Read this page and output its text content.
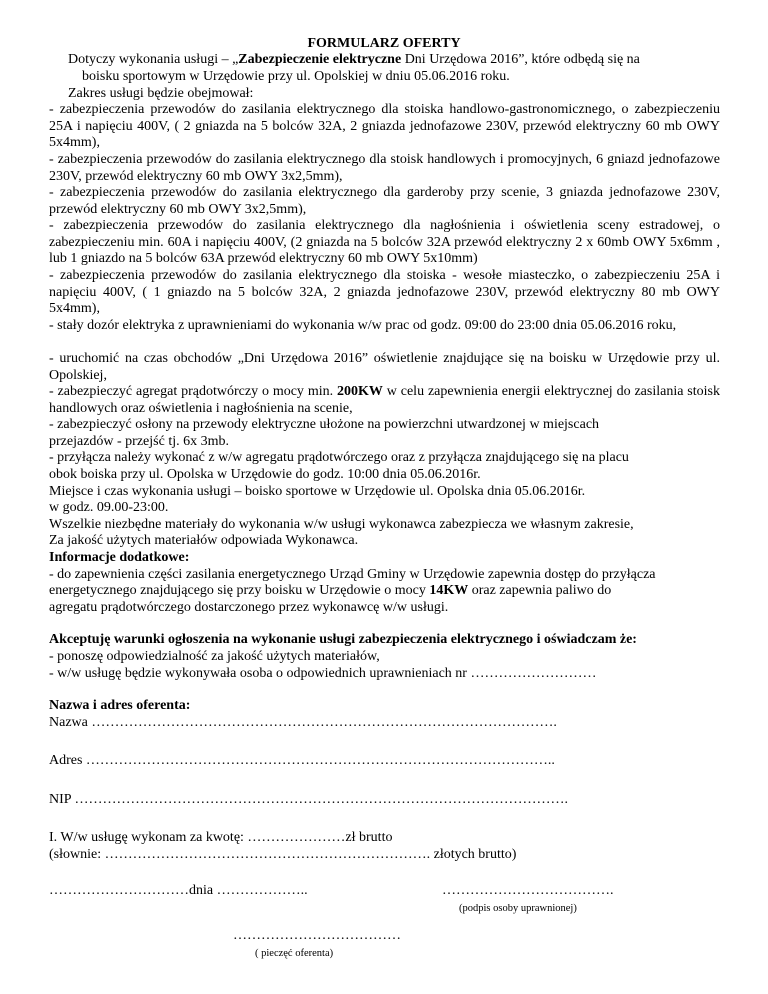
FORMULARZ OFERTY
Dotyczy wykonania usługi – „Zabezpieczenie elektryczne Dni Urzędowa 2016”, które odbędą się na
boisku sportowym w Urzędowie przy ul. Opolskiej w dniu 05.06.2016 roku.
Zakres usługi będzie obejmował:
- zabezpieczenia przewodów do zasilania elektrycznego dla stoiska handlowo-gastronomicznego, o zabezpieczeniu 25A i napięciu 400V, ( 2 gniazda na 5 bolców 32A, 2 gniazda jednofazowe 230V, przewód elektryczny 60 mb OWY 5x4mm),
- zabezpieczenia przewodów do zasilania elektrycznego dla stoisk handlowych i promocyjnych, 6 gniazd jednofazowe 230V, przewód elektryczny 60 mb OWY 3x2,5mm),
- zabezpieczenia przewodów do zasilania elektrycznego dla garderoby przy scenie, 3 gniazda jednofazowe 230V, przewód elektryczny 60 mb OWY 3x2,5mm),
- zabezpieczenia przewodów do zasilania elektrycznego dla nagłośnienia i oświetlenia sceny estradowej, o zabezpieczeniu min. 60A i napięciu 400V, (2 gniazda na 5 bolców 32A przewód elektryczny 2 x 60mb OWY 5x6mm , lub 1 gniazdo na 5 bolców 63A przewód elektryczny 60 mb OWY 5x10mm)
- zabezpieczenia przewodów do zasilania elektrycznego dla stoiska - wesołe miasteczko, o zabezpieczeniu 25A i napięciu 400V, ( 1 gniazdo na 5 bolców 32A, 2 gniazda jednofazowe 230V, przewód elektryczny 80 mb OWY 5x4mm),
- stały dozór elektryka z uprawnieniami do wykonania w/w prac od godz. 09:00 do 23:00 dnia 05.06.2016 roku,
- uruchomić na czas obchodów „Dni Urzędowa 2016” oświetlenie znajdujące się na boisku w Urzędowie przy ul. Opolskiej,
- zabezpieczyć agregat prądotwórczy o mocy min. 200KW w celu zapewnienia energii elektrycznej do zasilania stoisk handlowych oraz oświetlenia i nagłośnienia na scenie,
- zabezpieczyć osłony na przewody elektryczne ułożone na powierzchni utwardzonej w miejscach
przejazdów - przejść tj. 6x 3mb.
- przyłącza należy wykonać z w/w agregatu prądotwórczego oraz z przyłącza znajdującego się na placu
obok boiska przy ul. Opolska w Urzędowie do godz. 10:00 dnia 05.06.2016r.
Miejsce i czas wykonania usługi – boisko sportowe w Urzędowie ul. Opolska dnia 05.06.2016r.
w godz. 09.00-23:00.
Wszelkie niezbędne materiały do wykonania w/w usługi wykonawca zabezpiecza we własnym zakresie,
Za jakość użytych materiałów odpowiada Wykonawca.
Informacje dodatkowe:
- do zapewnienia części zasilania energetycznego Urząd Gminy w Urzędowie zapewnia dostęp do przyłącza
energetycznego znajdującego się przy boisku w Urzędowie o mocy 14KW oraz zapewnia paliwo do
agregatu prądotwórczego dostarczonego przez wykonawcę w/w usługi.
Akceptuję warunki ogłoszenia na wykonanie usługi zabezpieczenia elektrycznego i oświadczam że:
- ponoszę odpowiedzialność za jakość użytych materiałów,
- w/w usługę będzie wykonywała osoba o odpowiednich uprawnieniach nr ………………………
Nazwa i adres oferenta:
Nazwa ……………………………………………………………………………………….
Adres ………………………………………………………………………………………..
NIP …………………………………………………………………………………………….
I. W/w usługę wykonam za kwotę: …………………zł brutto
(słownie: ……………………………………………………………. złotych brutto)
…………………………dnia ………………..	……………………………….
(podpis osoby uprawnionej)
………………………………
( pieczęć oferenta)
